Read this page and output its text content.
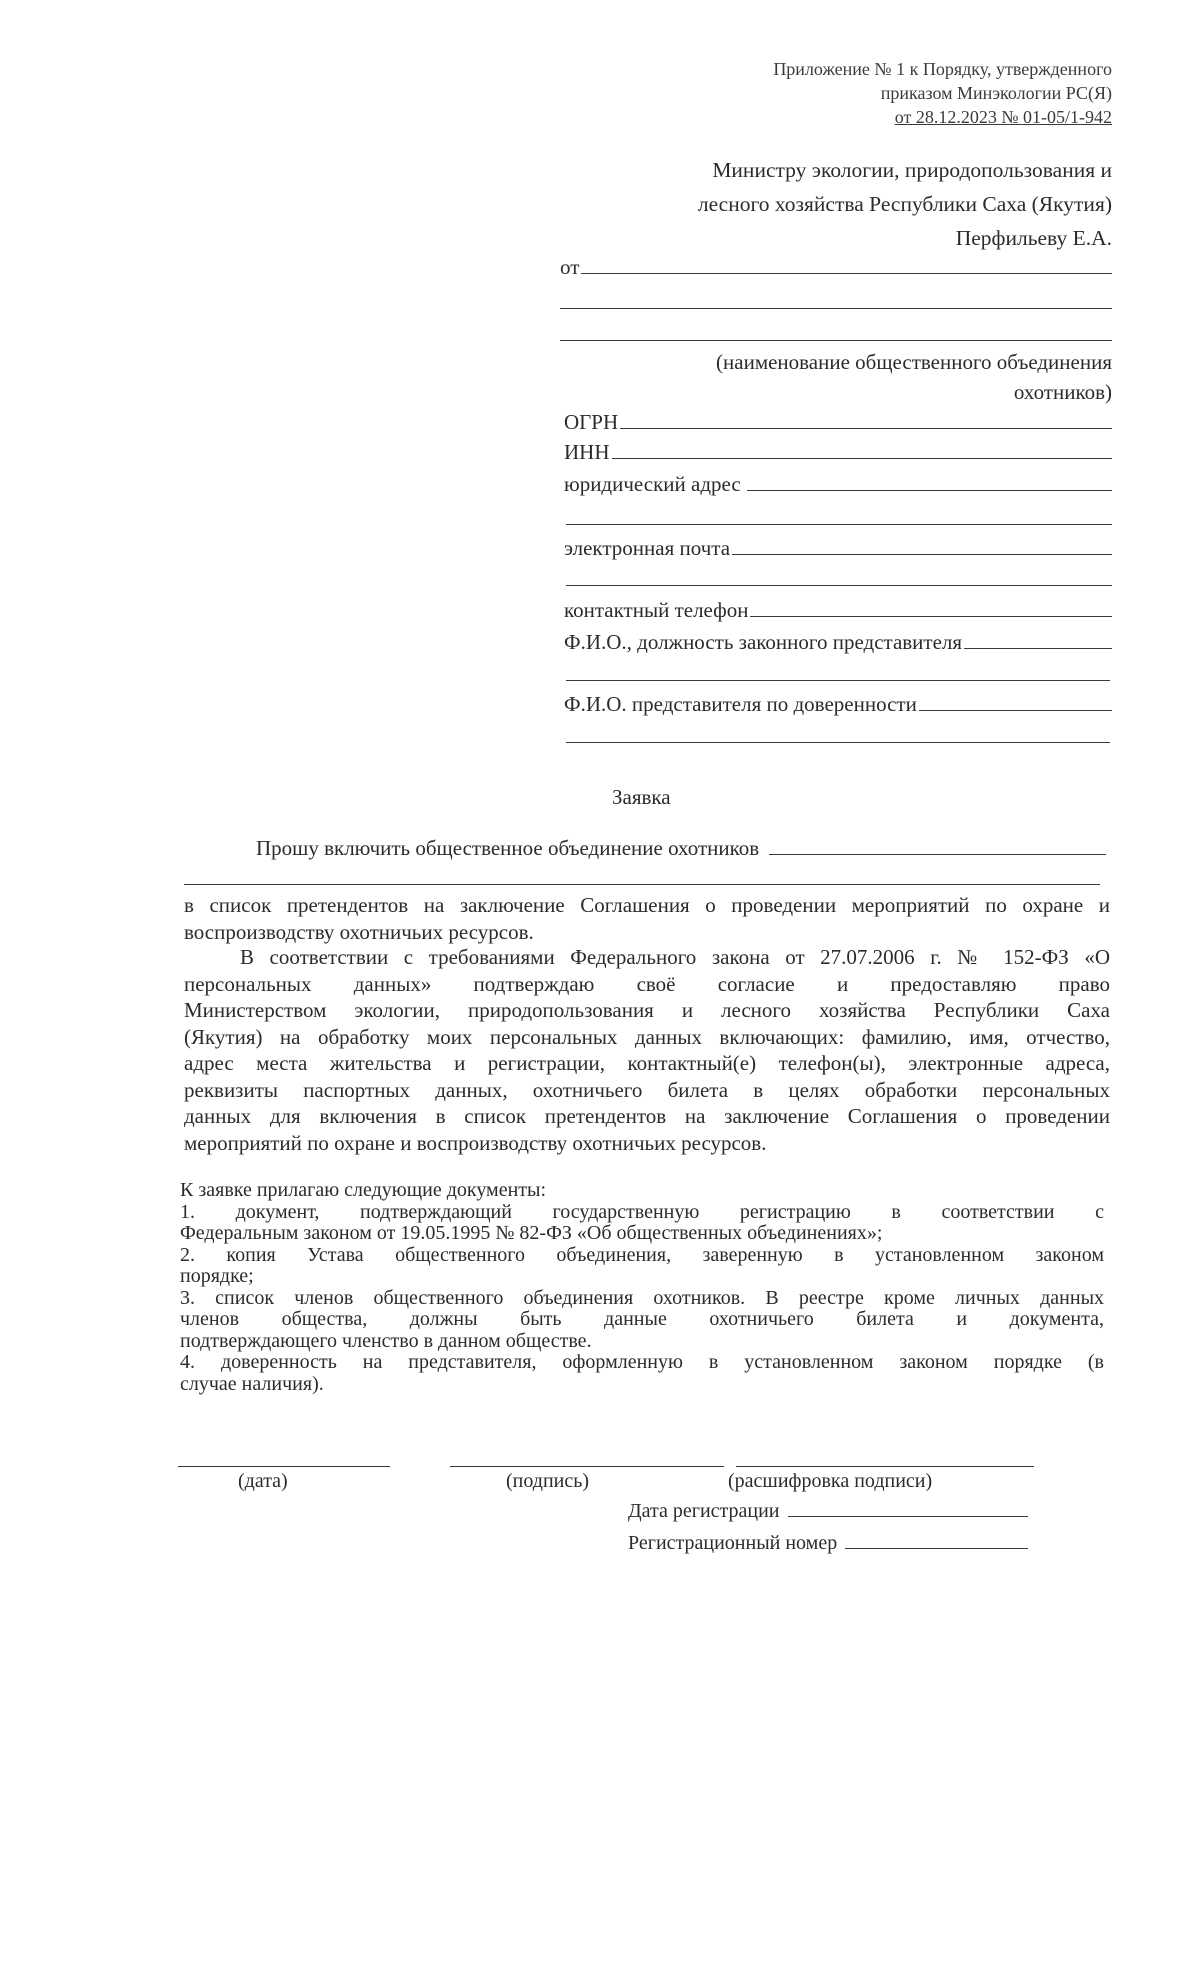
Приложение № 1 к Порядку, утвержденного
приказом Минэкологии РС(Я)
от 28.12.2023 № 01-05/1-942
Министру экологии, природопользования и
лесного хозяйства Республики Саха (Якутия)
Перфильеву Е.А.
от
(наименование общественного объединения
охотников)
ОГРН
ИНН
юридический адрес
электронная почта
контактный телефон
Ф.И.О., должность законного представителя
Ф.И.О. представителя по доверенности
Заявка
Прошу включить общественное объединение охотников
в список претендентов на заключение Соглашения о проведении мероприятий по охране и
воспроизводству охотничьих ресурсов.
В соответствии с требованиями Федерального закона от 27.07.2006 г. № 152-ФЗ «О
персональных данных» подтверждаю своё согласие и предоставляю право
Министерством экологии, природопользования и лесного хозяйства Республики Саха
(Якутия) на обработку моих персональных данных включающих: фамилию, имя, отчество,
адрес места жительства и регистрации, контактный(е) телефон(ы), электронные адреса,
реквизиты паспортных данных, охотничьего билета в целях обработки персональных
данных для включения в список претендентов на заключение Соглашения о проведении
мероприятий по охране и воспроизводству охотничьих ресурсов.
К заявке прилагаю следующие документы:
1. документ, подтверждающий государственную регистрацию в соответствии с
Федеральным законом от 19.05.1995 № 82-ФЗ «Об общественных объединениях»;
2. копия Устава общественного объединения, заверенную в установленном законом
порядке;
3. список членов общественного объединения охотников. В реестре кроме личных данных
членов общества, должны быть данные охотничьего билета и документа,
подтверждающего членство в данном обществе.
4. доверенность на представителя, оформленную в установленном законом порядке (в
случае наличия).
(дата)	(подпись)	(расшифровка подписи)
Дата регистрации
Регистрационный номер
